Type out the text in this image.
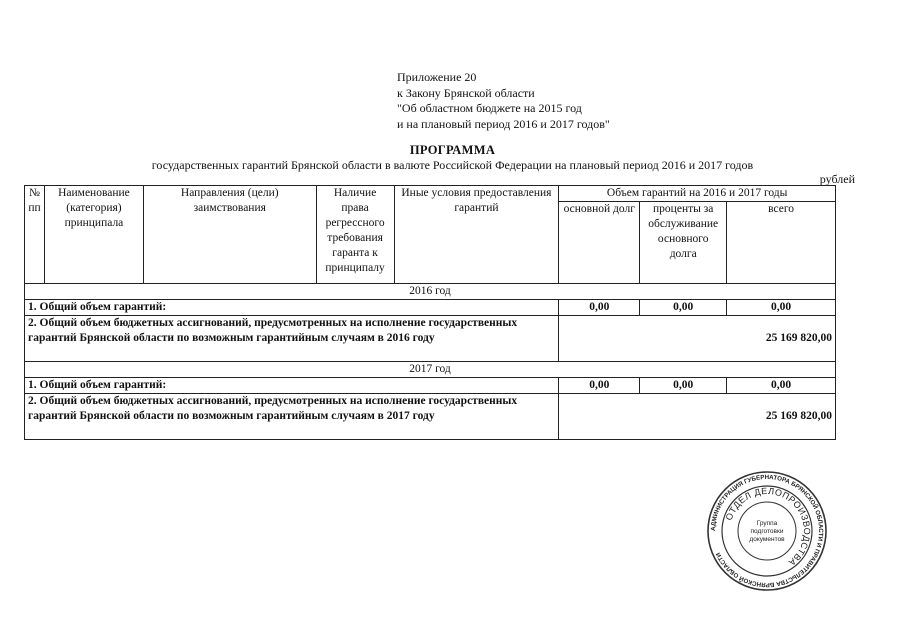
Приложение 20
к Закону Брянской области
"Об областном бюджете на 2015 год
и на плановый период 2016 и 2017 годов"
ПРОГРАММА
государственных гарантий Брянской области в валюте Российской Федерации на плановый период 2016 и 2017 годов
рублей
№ пп	Наименование (категория) принципала	Направления (цели) заимствования	Наличие права регрессного требования гаранта к принципалу	Иные условия предоставления гарантий	Объем гарантий на 2016 и 2017 годы		
					основной долг	проценты за обслуживание основного долга	всего
2016 год							
1. Общий объем гарантий:					0,00	0,00	0,00
2. Общий объем бюджетных ассигнований, предусмотренных на исполнение государственных гарантий Брянской области по возможным гарантийным случаям в 2016 году					25 169 820,00		
2017 год							
1. Общий объем гарантий:					0,00	0,00	0,00
2. Общий объем бюджетных ассигнований, предусмотренных на исполнение государственных гарантий Брянской области по возможным гарантийным случаям в 2017 году					25 169 820,00		
АДМИНИСТРАЦИЯ ГУБЕРНАТОРА БРЯНСКОЙ ОБЛАСТИ И ПРАВИТЕЛЬСТВА БРЯНСКОЙ ОБЛАСТИ
ОТДЕЛ ДЕЛОПРОИЗВОДСТВА
Группа
подготовки
документов
